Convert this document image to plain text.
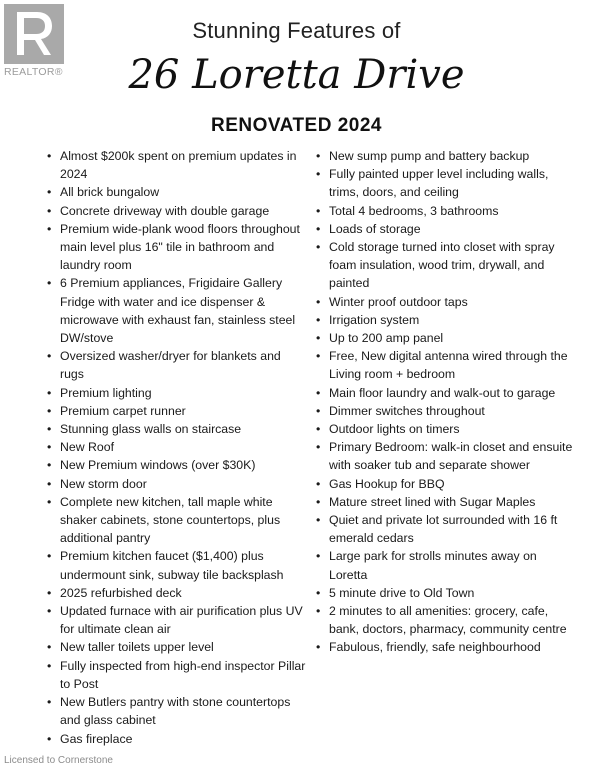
REALTOR®
Stunning Features of
26 Loretta Drive
RENOVATED 2024
• Almost $200k spent on premium updates in 2024
• All brick bungalow
• Concrete driveway with double garage
• Premium wide-plank wood floors throughout main level plus 16" tile in bathroom and laundry room
• 6 Premium appliances, Frigidaire Gallery Fridge with water and ice dispenser & microwave with exhaust fan, stainless steel DW/stove
• Oversized washer/dryer for blankets and rugs
• Premium lighting
• Premium carpet runner
• Stunning glass walls on staircase
• New Roof
• New Premium windows (over $30K)
• New storm door
• Complete new kitchen, tall maple white shaker cabinets, stone countertops, plus additional pantry
• Premium kitchen faucet ($1,400) plus undermount sink, subway tile backsplash
• 2025 refurbished deck
• Updated furnace with air purification plus UV for ultimate clean air
• New taller toilets upper level
• Fully inspected from high-end inspector Pillar to Post
• New Butlers pantry with stone countertops and glass cabinet
• Gas fireplace
• New sump pump and battery backup
• Fully painted upper level including walls, trims, doors, and ceiling
• Total 4 bedrooms, 3 bathrooms
• Loads of storage
• Cold storage turned into closet with spray foam insulation, wood trim, drywall, and painted
• Winter proof outdoor taps
• Irrigation system
• Up to 200 amp panel
• Free, New digital antenna wired through the Living room + bedroom
• Main floor laundry and walk-out to garage
• Dimmer switches throughout
• Outdoor lights on timers
• Primary Bedroom: walk-in closet and ensuite with soaker tub and separate shower
• Gas Hookup for BBQ
• Mature street lined with Sugar Maples
• Quiet and private lot surrounded with 16 ft emerald cedars
• Large park for strolls minutes away on Loretta
• 5 minute drive to Old Town
• 2 minutes to all amenities: grocery, cafe, bank, doctors, pharmacy, community centre
• Fabulous, friendly, safe neighbourhood
Licensed to Cornerstone
